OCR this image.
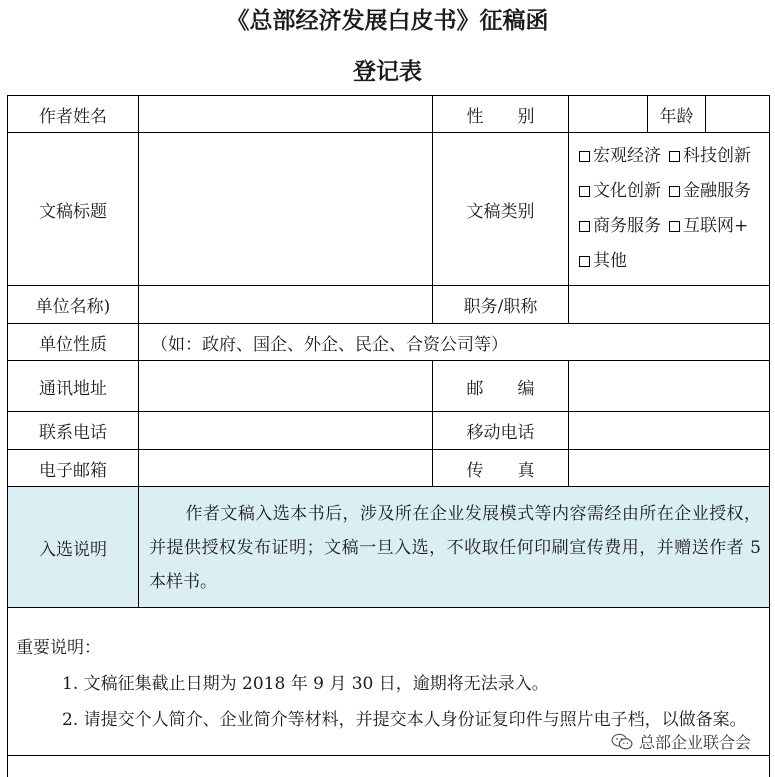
《总部经济发展白皮书》征稿函
登记表
作者姓名		性　　别		年龄	
文稿标题		文稿类别	宏观经济 科技创新
文化创新 金融服务
商务服务 互联网+
其他		

单位名称)		职务/职称			
单位性质	（如：政府、国企、外企、民企、合资公司等）				
通讯地址		邮　　编			
联系电话		移动电话			
电子邮箱		传　　真			
入选说明	作者文稿入选本书后，涉及所在企业发展模式等内容需经由所在企业授权，并提供授权发布证明；文稿一旦入选，不收取任何印刷宣传费用，并赠送作者 5 本样书。				

重要说明：
1. 文稿征集截止日期为 2018 年 9 月 30 日，逾期将无法录入。
2. 请提交个人简介、企业简介等材料，并提交本人身份证复印件与照片电子档，以做备案。					

总部企业联合会
